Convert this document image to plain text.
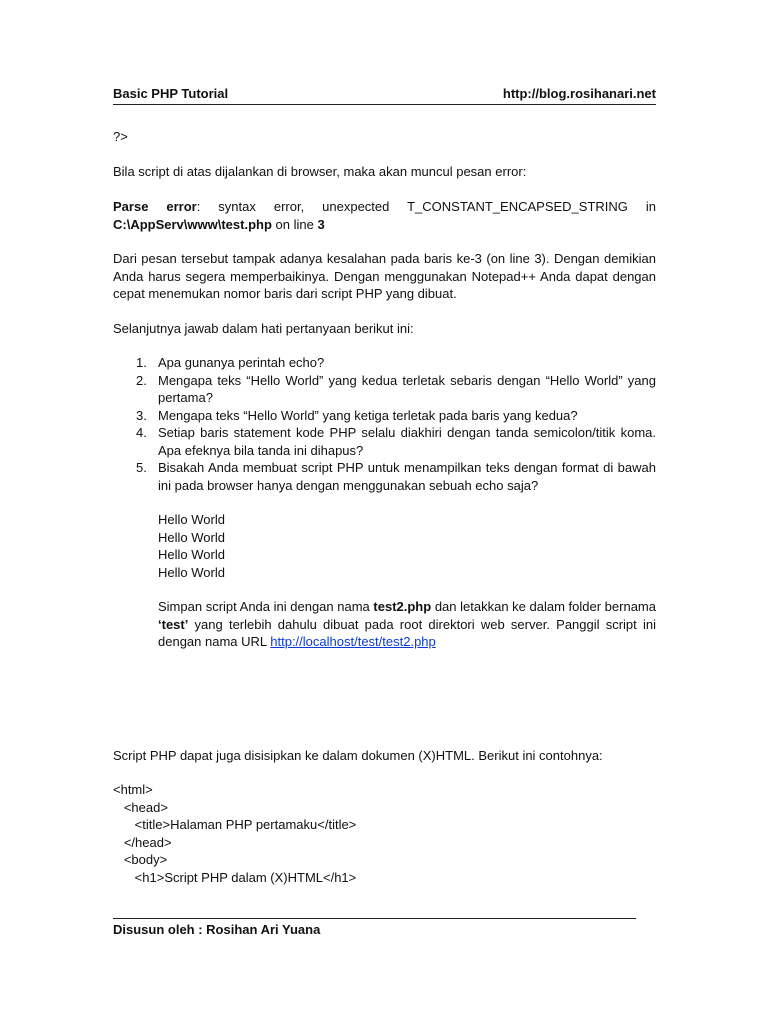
Basic PHP Tutorial	http://blog.rosihanari.net
?>
Bila script di atas dijalankan di browser, maka akan muncul pesan error:
Parse error: syntax error, unexpected T_CONSTANT_ENCAPSED_STRING in
C:\AppServ\www\test.php on line 3
Dari pesan tersebut tampak adanya kesalahan pada baris ke-3 (on line 3). Dengan demikian Anda harus segera memperbaikinya. Dengan menggunakan Notepad++ Anda dapat dengan cepat menemukan nomor baris dari script PHP yang dibuat.
Selanjutnya jawab dalam hati pertanyaan berikut ini:
1. Apa gunanya perintah echo?
2. Mengapa teks “Hello World” yang kedua terletak sebaris dengan “Hello World” yang pertama?
3. Mengapa teks “Hello World” yang ketiga terletak pada baris yang kedua?
4. Setiap baris statement kode PHP selalu diakhiri dengan tanda semicolon/titik koma. Apa efeknya bila tanda ini dihapus?
5. Bisakah Anda membuat script PHP untuk menampilkan teks dengan format di bawah ini pada browser hanya dengan menggunakan sebuah echo saja?
Hello World
Hello World
Hello World
Hello World
Simpan script Anda ini dengan nama test2.php dan letakkan ke dalam folder bernama ‘test’ yang terlebih dahulu dibuat pada root direktori web server. Panggil script ini dengan nama URL http://localhost/test/test2.php
Script PHP dapat juga disisipkan ke dalam dokumen (X)HTML. Berikut ini contohnya:
<html>
<head>
<title>Halaman PHP pertamaku</title>
</head>
<body>
<h1>Script PHP dalam (X)HTML</h1>
Disusun oleh : Rosihan Ari Yuana
